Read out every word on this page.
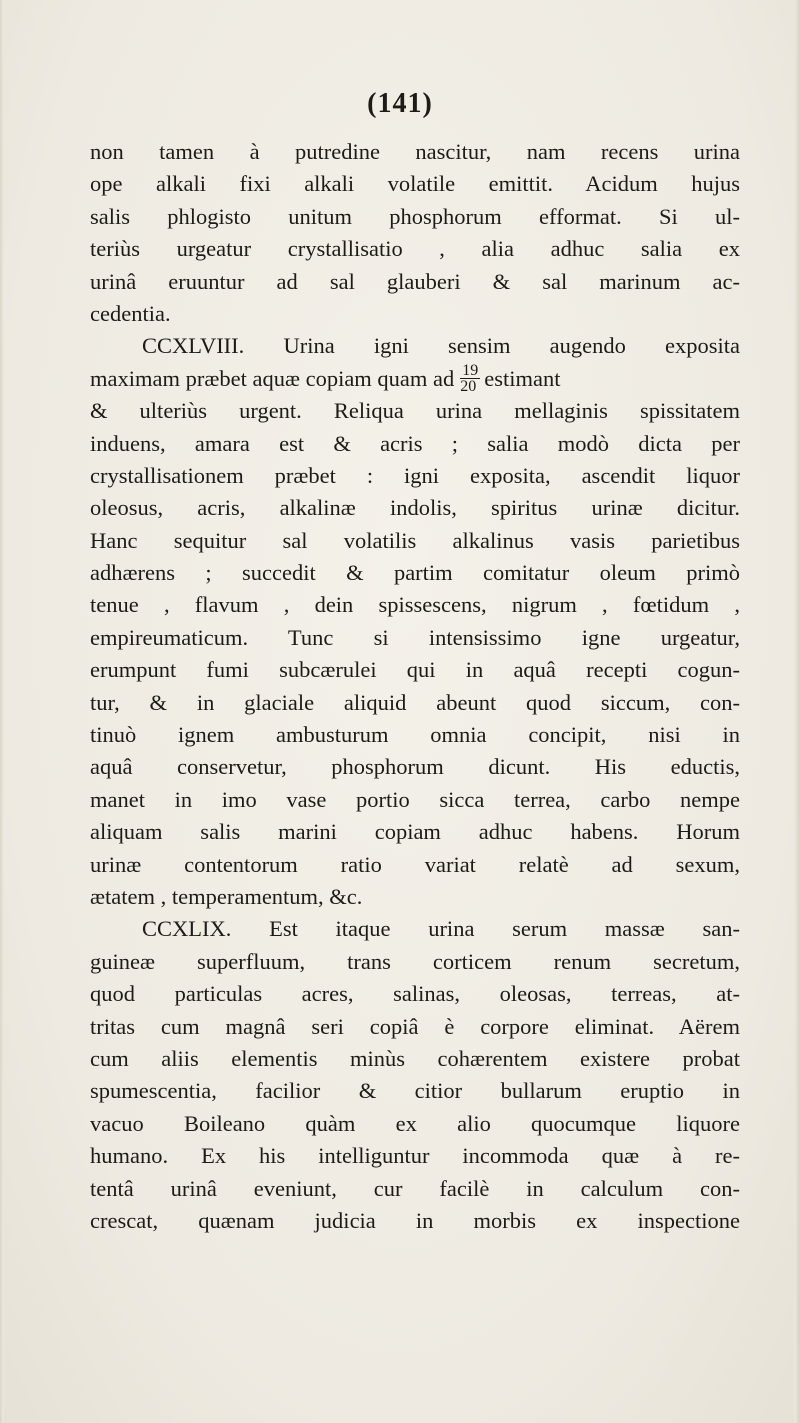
(141)
non tamen à putredine nascitur, nam recens urina
ope alkali fixi alkali volatile emittit. Acidum hujus
salis phlogisto unitum phosphorum efformat. Si ul-
teriùs urgeatur crystallisatio , alia adhuc salia ex
urinâ eruuntur ad sal glauberi & sal marinum ac-
cedentia.
CCXLVIII. Urina igni sensim augendo exposita
maximam præbet aquæ copiam quam ad $\frac{19}{20}$ estimant
& ulteriùs urgent. Reliqua urina mellaginis spissitatem
induens, amara est & acris ; salia modò dicta per
crystallisationem præbet : igni exposita, ascendit liquor
oleosus, acris, alkalinæ indolis, spiritus urinæ dicitur.
Hanc sequitur sal volatilis alkalinus vasis parietibus
adhærens ; succedit & partim comitatur oleum primò
tenue , flavum , dein spissescens, nigrum , fœtidum ,
empireumaticum. Tunc si intensissimo igne urgeatur,
erumpunt fumi subcærulei qui in aquâ recepti cogun-
tur, & in glaciale aliquid abeunt quod siccum, con-
tinuò ignem ambusturum omnia concipit, nisi in
aquâ conservetur, phosphorum dicunt. His eductis,
manet in imo vase portio sicca terrea, carbo nempe
aliquam salis marini copiam adhuc habens. Horum
urinæ contentorum ratio variat relatè ad sexum,
ætatem , temperamentum, &c.
CCXLIX. Est itaque urina serum massæ san-
guineæ superfluum, trans corticem renum secretum,
quod particulas acres, salinas, oleosas, terreas, at-
tritas cum magnâ seri copiâ è corpore eliminat. Aërem
cum aliis elementis minùs cohærentem existere probat
spumescentia, facilior & citior bullarum eruptio in
vacuo Boileano quàm ex alio quocumque liquore
humano. Ex his intelliguntur incommoda quæ à re-
tentâ urinâ eveniunt, cur facilè in calculum con-
crescat, quænam judicia in morbis ex inspectione
